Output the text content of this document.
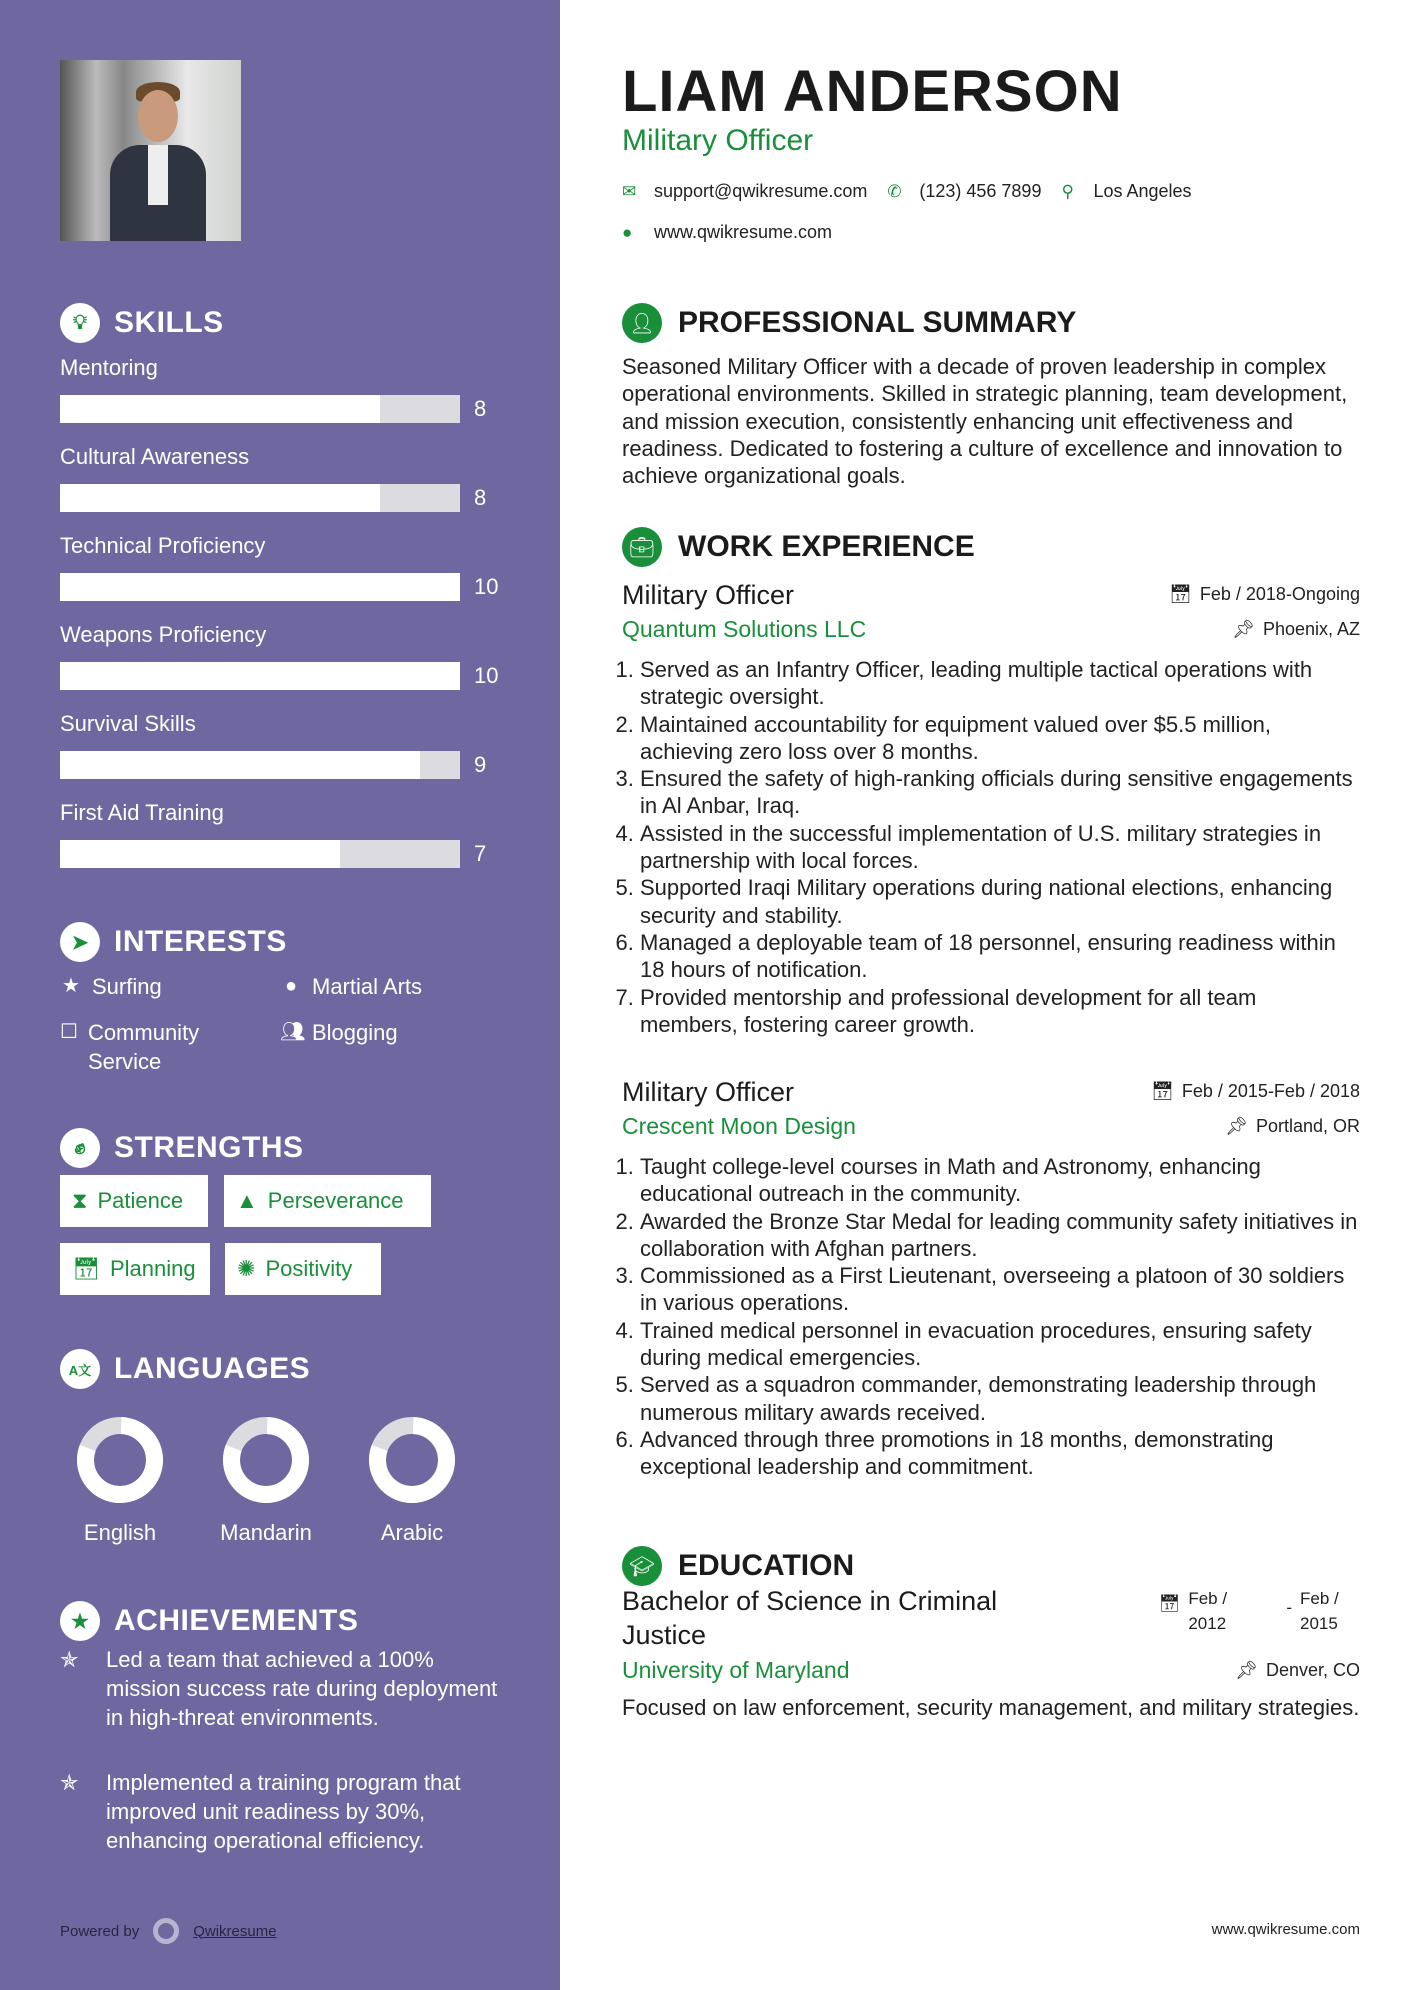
💡︎ SKILLS
➤ INTERESTS
✊︎ STRENGTHS
A文 LANGUAGES
★ ACHIEVEMENTS
Powered by	Qwikresume
Mentoring
8
Cultural Awareness
8
Technical Proficiency
10
Weapons Proficiency
10
Survival Skills
9
First Aid Training
7
★ Surfing	● Martial Arts
☐ Community Service
👥︎ Blogging
⧗ Patience ▲ Perseverance
📅︎ Planning ✺ Positivity
English	Mandarin	Arabic
✯	Led a team that achieved a 100% mission success rate during deployment in high-threat environments.
✯	Implemented a training program that improved unit readiness by 30%, enhancing operational efficiency.
LIAM ANDERSON
Military Officer
✉ support@qwikresume.com ✆ (123) 456 7899 ⚲	Los Angeles
●	www.qwikresume.com
👤︎ PROFESSIONAL SUMMARY
Seasoned Military Officer with a decade of proven leadership in complex operational environments. Skilled in strategic planning, team development, and mission execution, consistently enhancing unit effectiveness and readiness. Dedicated to fostering a culture of excellence and innovation to achieve organizational goals.
💼︎ WORK EXPERIENCE
Military Officer	📅︎ Feb / 2018-Ongoing
Quantum Solutions LLC	📌︎ Phoenix, AZ
1. Served as an Infantry Officer, leading multiple tactical operations with strategic oversight.
2. Maintained accountability for equipment valued over $5.5 million, achieving zero loss over 8 months.
3. Ensured the safety of high-ranking officials during sensitive engagements in Al Anbar, Iraq.
4. Assisted in the successful implementation of U.S. military strategies in partnership with local forces.
5. Supported Iraqi Military operations during national elections, enhancing security and stability.
6. Managed a deployable team of 18 personnel, ensuring readiness within 18 hours of notification.
7. Provided mentorship and professional development for all team members, fostering career growth.
Military Officer	📅︎ Feb / 2015-Feb / 2018
Crescent Moon Design	📌︎ Portland, OR
1. Taught college-level courses in Math and Astronomy, enhancing educational outreach in the community.
2. Awarded the Bronze Star Medal for leading community safety initiatives in collaboration with Afghan partners.
3. Commissioned as a First Lieutenant, overseeing a platoon of 30 soldiers in various operations.
4. Trained medical personnel in evacuation procedures, ensuring safety during medical emergencies.
5. Served as a squadron commander, demonstrating leadership through numerous military awards received.
6. Advanced through three promotions in 18 months, demonstrating exceptional leadership and commitment.
🎓︎ EDUCATION
Bachelor of Science in Criminal Justice
📅︎ Feb / 2012
- Feb / 2015
University of Maryland	📌︎ Denver, CO
Focused on law enforcement, security management, and military strategies.
www.qwikresume.com
